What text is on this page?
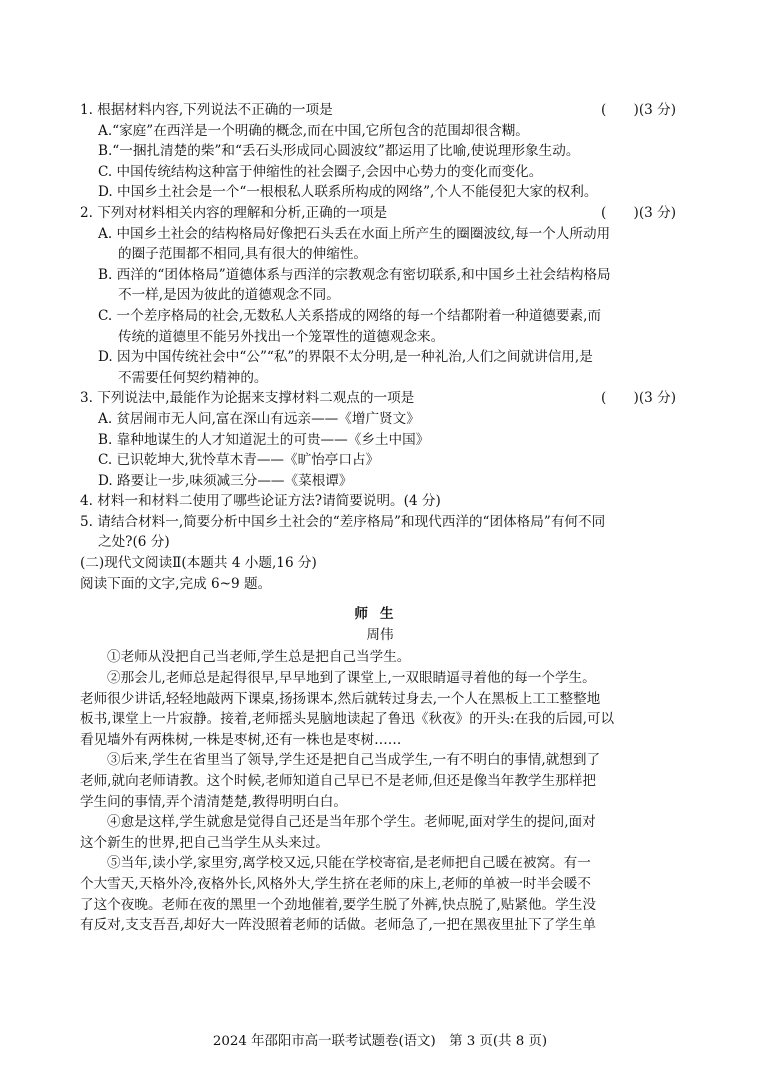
1. 根据材料内容,下列说法不正确的一项是	(　　)(3 分)
A.“家庭”在西洋是一个明确的概念,而在中国,它所包含的范围却很含糊。
B.“一捆扎清楚的柴”和“丢石头形成同心圆波纹”都运用了比喻,使说理形象生动。
C. 中国传统结构这种富于伸缩性的社会圈子,会因中心势力的变化而变化。
D. 中国乡土社会是一个“一根根私人联系所构成的网络”,个人不能侵犯大家的权利。
2. 下列对材料相关内容的理解和分析,正确的一项是	(　　)(3 分)
A. 中国乡土社会的结构格局好像把石头丢在水面上所产生的圈圈波纹,每一个人所动用
的圈子范围都不相同,具有很大的伸缩性。
B. 西洋的“团体格局”道德体系与西洋的宗教观念有密切联系,和中国乡土社会结构格局
不一样,是因为彼此的道德观念不同。
C. 一个差序格局的社会,无数私人关系搭成的网络的每一个结都附着一种道德要素,而
传统的道德里不能另外找出一个笼罩性的道德观念来。
D. 因为中国传统社会中“公”“私”的界限不太分明,是一种礼治,人们之间就讲信用,是
不需要任何契约精神的。
3. 下列说法中,最能作为论据来支撑材料二观点的一项是	(　　)(3 分)
A. 贫居闹市无人问,富在深山有远亲——《增广贤文》
B. 靠种地谋生的人才知道泥土的可贵——《乡土中国》
C. 已识乾坤大,犹怜草木青——《旷怡亭口占》
D. 路要让一步,味须减三分——《菜根谭》
4. 材料一和材料二使用了哪些论证方法?请简要说明。(4 分)
5. 请结合材料一,简要分析中国乡土社会的“差序格局”和现代西洋的“团体格局”有何不同
之处?(6 分)
(二)现代文阅读Ⅱ(本题共 4 小题,16 分)
阅读下面的文字,完成 6~9 题。
师生
周伟
①老师从没把自己当老师,学生总是把自己当学生。
②那会儿,老师总是起得很早,早早地到了课堂上,一双眼睛逼寻着他的每一个学生。
老师很少讲话,轻轻地敲两下课桌,扬扬课本,然后就转过身去,一个人在黑板上工工整整地
板书,课堂上一片寂静。接着,老师摇头晃脑地读起了鲁迅《秋夜》的开头:在我的后园,可以
看见墙外有两株树,一株是枣树,还有一株也是枣树……
③后来,学生在省里当了领导,学生还是把自己当成学生,一有不明白的事情,就想到了
老师,就向老师请教。这个时候,老师知道自己早已不是老师,但还是像当年教学生那样把
学生问的事情,弄个清清楚楚,教得明明白白。
④愈是这样,学生就愈是觉得自己还是当年那个学生。老师呢,面对学生的提问,面对
这个新生的世界,把自己当学生从头来过。
⑤当年,读小学,家里穷,离学校又远,只能在学校寄宿,是老师把自己暖在被窝。有一
个大雪天,天格外冷,夜格外长,风格外大,学生挤在老师的床上,老师的单被一时半会暖不
了这个夜晚。老师在夜的黑里一个劲地催着,要学生脱了外裤,快点脱了,贴紧他。学生没
有反对,支支吾吾,却好大一阵没照着老师的话做。老师急了,一把在黑夜里扯下了学生单
2024 年邵阳市高一联考试题卷(语文)　第 3 页(共 8 页)
